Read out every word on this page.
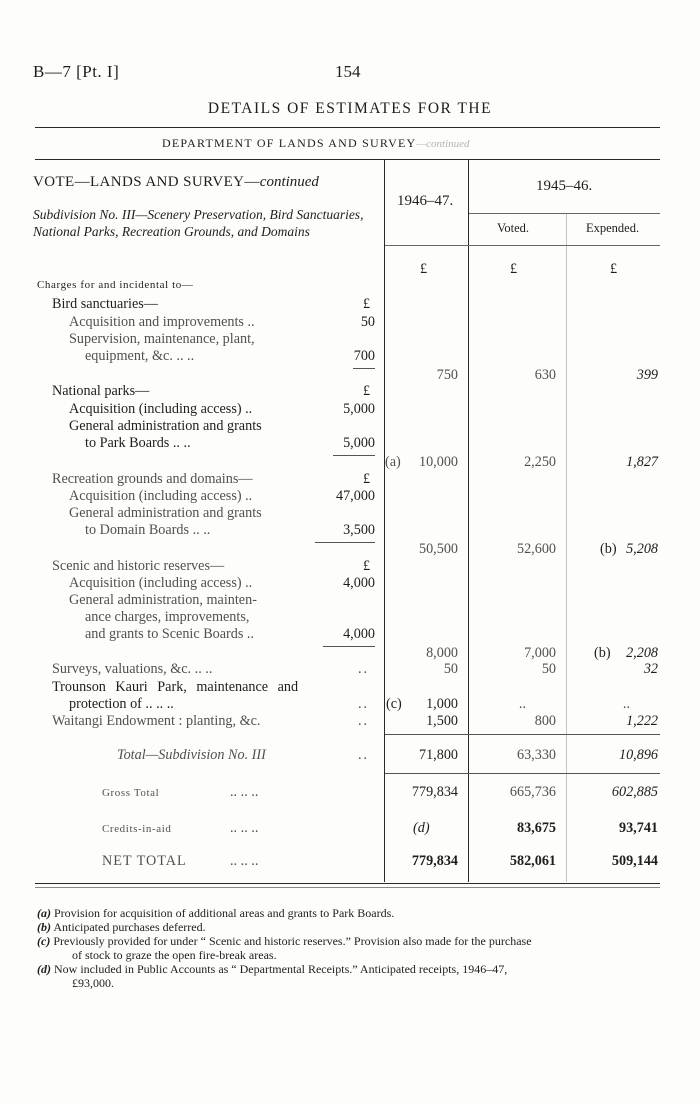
B—7 [Pt. I]	154
DETAILS OF ESTIMATES FOR THE
DEPARTMENT OF LANDS AND SURVEY—continued
1946–47.
1945–46.
Voted.	Expended.
£	£	£
VOTE—LANDS AND SURVEY—continued
Subdivision No. III—Scenery Preservation, Bird Sanctuaries, National Parks, Recreation Grounds, and Domains
Charges for and incidental to—
Bird sanctuaries—	£
Acquisition and improvements ..	50
Supervision, maintenance, plant,
equipment, &c. .. ..	700
750	630	399
National parks—	£
Acquisition (including access) ..	5,000
General administration and grants
to Park Boards .. ..	5,000
(a)	10,000	2,250	1,827
Recreation grounds and domains—	£
Acquisition (including access) ..	47,000
General administration and grants
to Domain Boards .. ..	3,500
50,500	52,600	(b) 5,208
Scenic and historic reserves—	£
Acquisition (including access) ..	4,000
General administration, mainten-
ance charges, improvements,
and grants to Scenic Boards ..	4,000
8,000	7,000	(b)	2,208
Surveys, valuations, &c. .. ..	..	50	50	32
Trounson Kauri Park, maintenance and
protection of .. .. ..	.. (c)	1,000	..	..
Waitangi Endowment : planting, &c.	..	1,500	800	1,222
Total—Subdivision No. III	..	71,800	63,330	10,896
Gross Total	.. .. ..	779,834	665,736	602,885
Credits-in-aid	.. .. ..	(d)	83,675	93,741
NET TOTAL	.. .. ..	779,834	582,061	509,144
(a) Provision for acquisition of additional areas and grants to Park Boards.
(b) Anticipated purchases deferred.
(c) Previously provided for under “ Scenic and historic reserves.” Provision also made for the purchase
of stock to graze the open fire-break areas.
(d) Now included in Public Accounts as “ Departmental Receipts.” Anticipated receipts, 1946–47,
£93,000.
